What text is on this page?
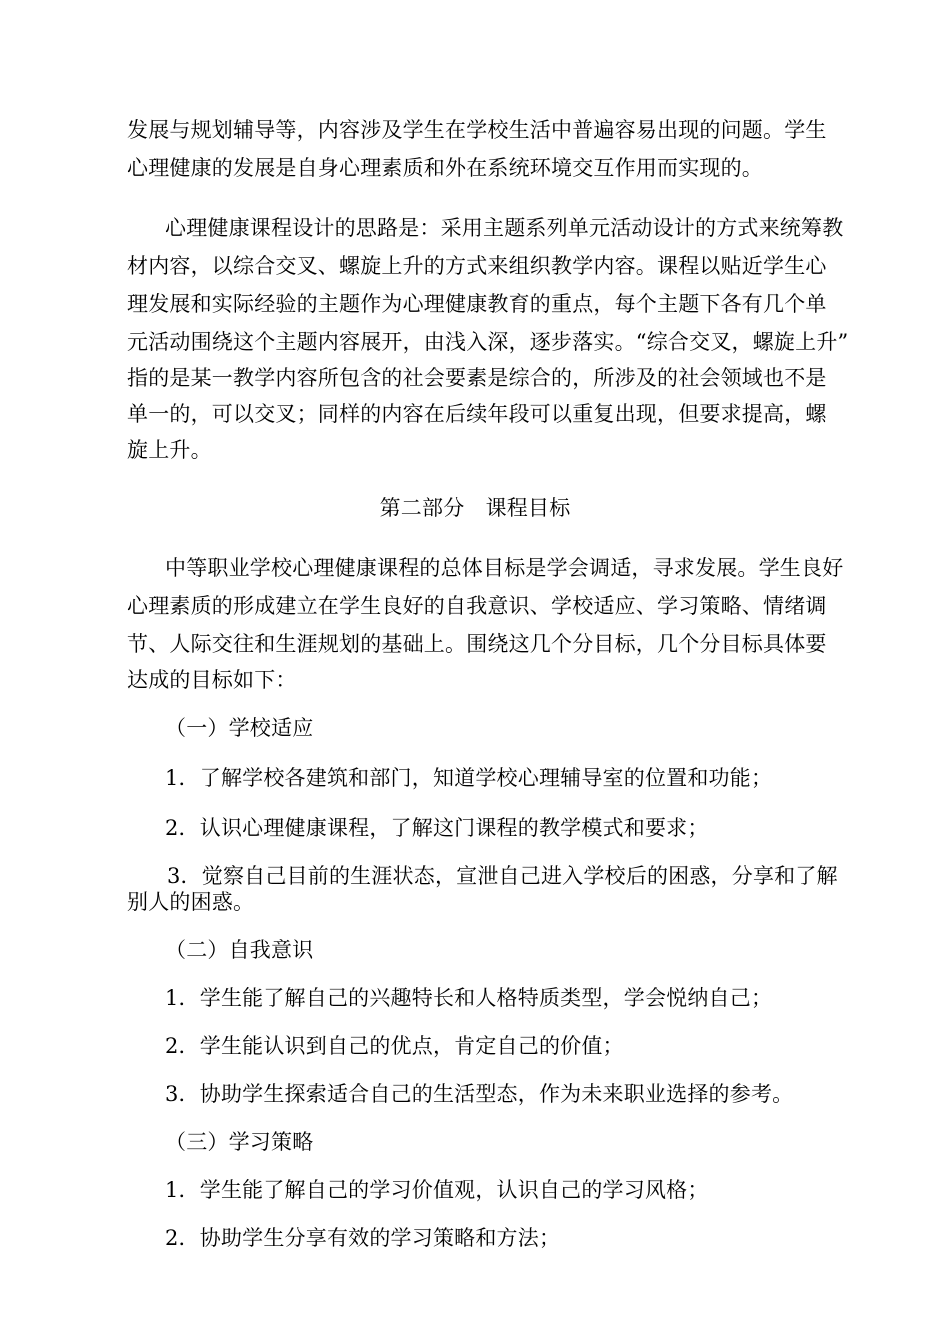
发展与规划辅导等，内容涉及学生在学校生活中普遍容易出现的问题。学生
心理健康的发展是自身心理素质和外在系统环境交互作用而实现的。
心理健康课程设计的思路是：采用主题系列单元活动设计的方式来统筹教
材内容，以综合交叉、螺旋上升的方式来组织教学内容。课程以贴近学生心
理发展和实际经验的主题作为心理健康教育的重点，每个主题下各有几个单
元活动围绕这个主题内容展开，由浅入深，逐步落实。“综合交叉，螺旋上升”
指的是某一教学内容所包含的社会要素是综合的，所涉及的社会领域也不是
单一的，可以交叉；同样的内容在后续年段可以重复出现，但要求提高，螺
旋上升。
第二部分　课程目标
中等职业学校心理健康课程的总体目标是学会调适，寻求发展。学生良好
心理素质的形成建立在学生良好的自我意识、学校适应、学习策略、情绪调
节、人际交往和生涯规划的基础上。围绕这几个分目标，几个分目标具体要
达成的目标如下：
（一）学校适应
1．了解学校各建筑和部门，知道学校心理辅导室的位置和功能；
2．认识心理健康课程，了解这门课程的教学模式和要求；
3．觉察自己目前的生涯状态，宣泄自己进入学校后的困惑，分享和了解
别人的困惑。
（二）自我意识
1．学生能了解自己的兴趣特长和人格特质类型，学会悦纳自己；
2．学生能认识到自己的优点，肯定自己的价值；
3．协助学生探索适合自己的生活型态，作为未来职业选择的参考。
（三）学习策略
1．学生能了解自己的学习价值观，认识自己的学习风格；
2．协助学生分享有效的学习策略和方法；
